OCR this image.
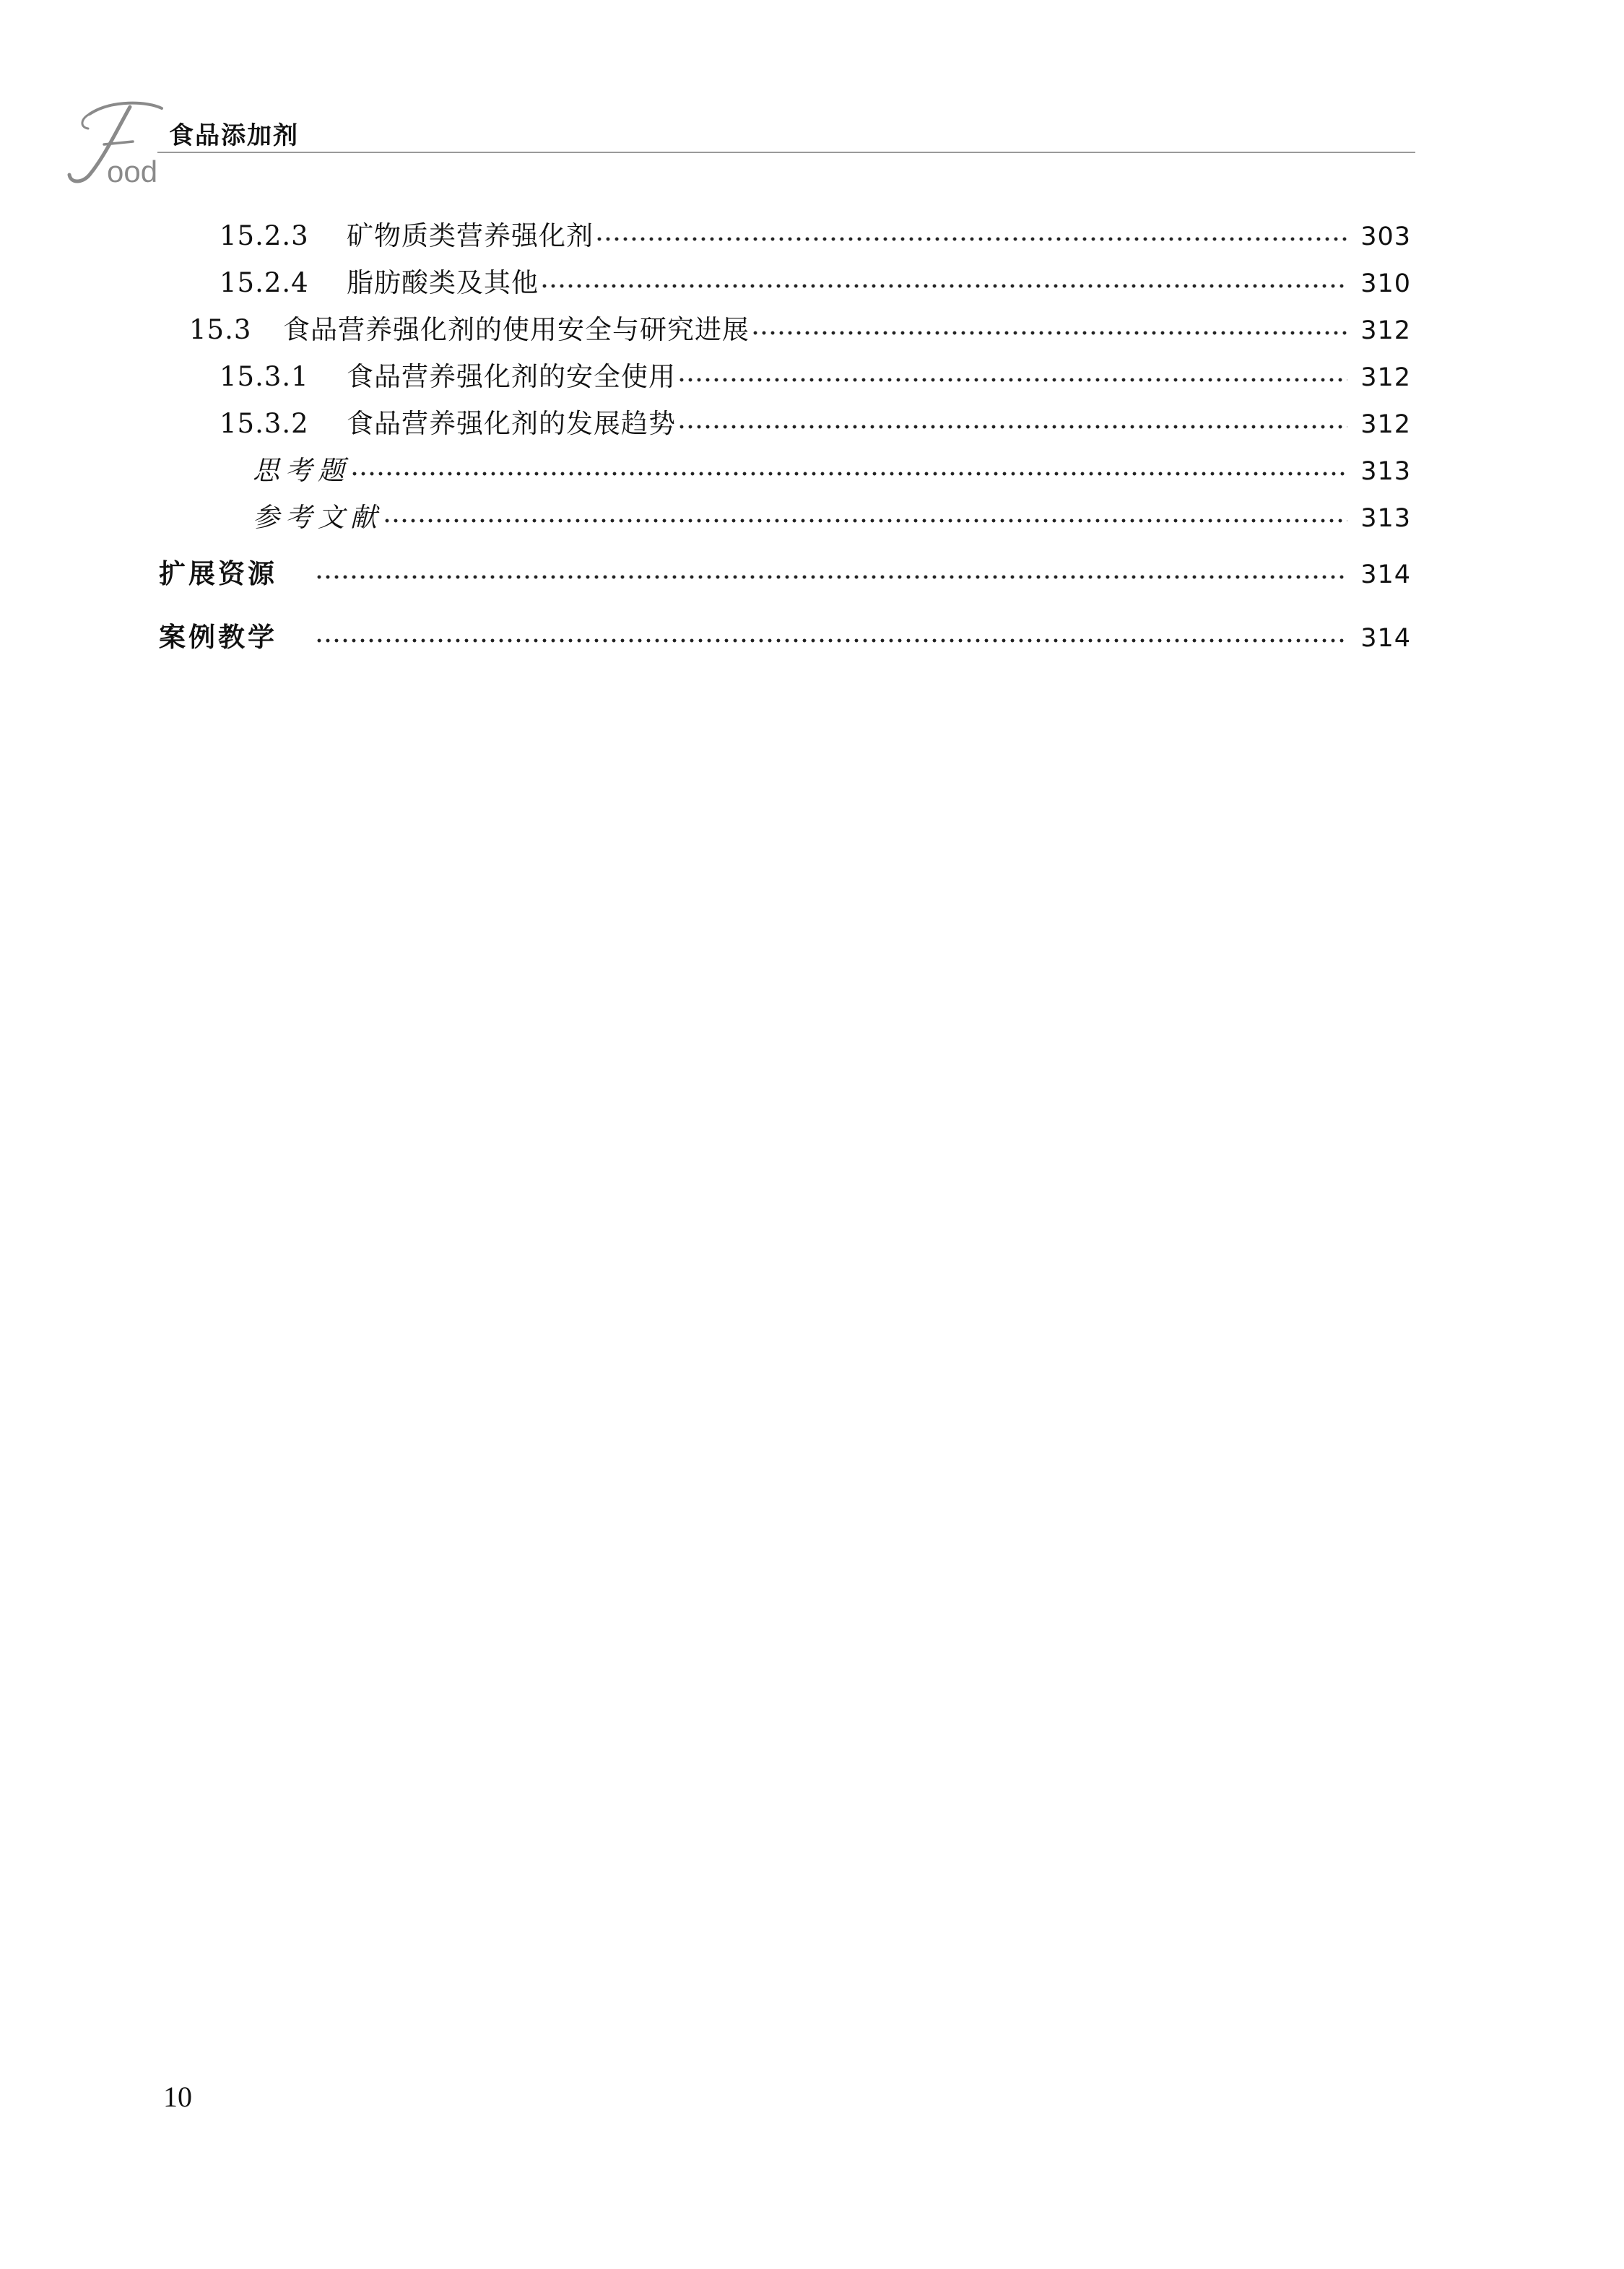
ood
食品添加剂
15.2.3	矿物质类营养强化剂	303
15.2.4	脂肪酸类及其他	310
15.3	食品营养强化剂的使用安全与研究进展	312
15.3.1	食品营养强化剂的安全使用	312
15.3.2	食品营养强化剂的发展趋势	312
思考题	313
参考文献	313
扩展资源	314
案例教学	314
10
